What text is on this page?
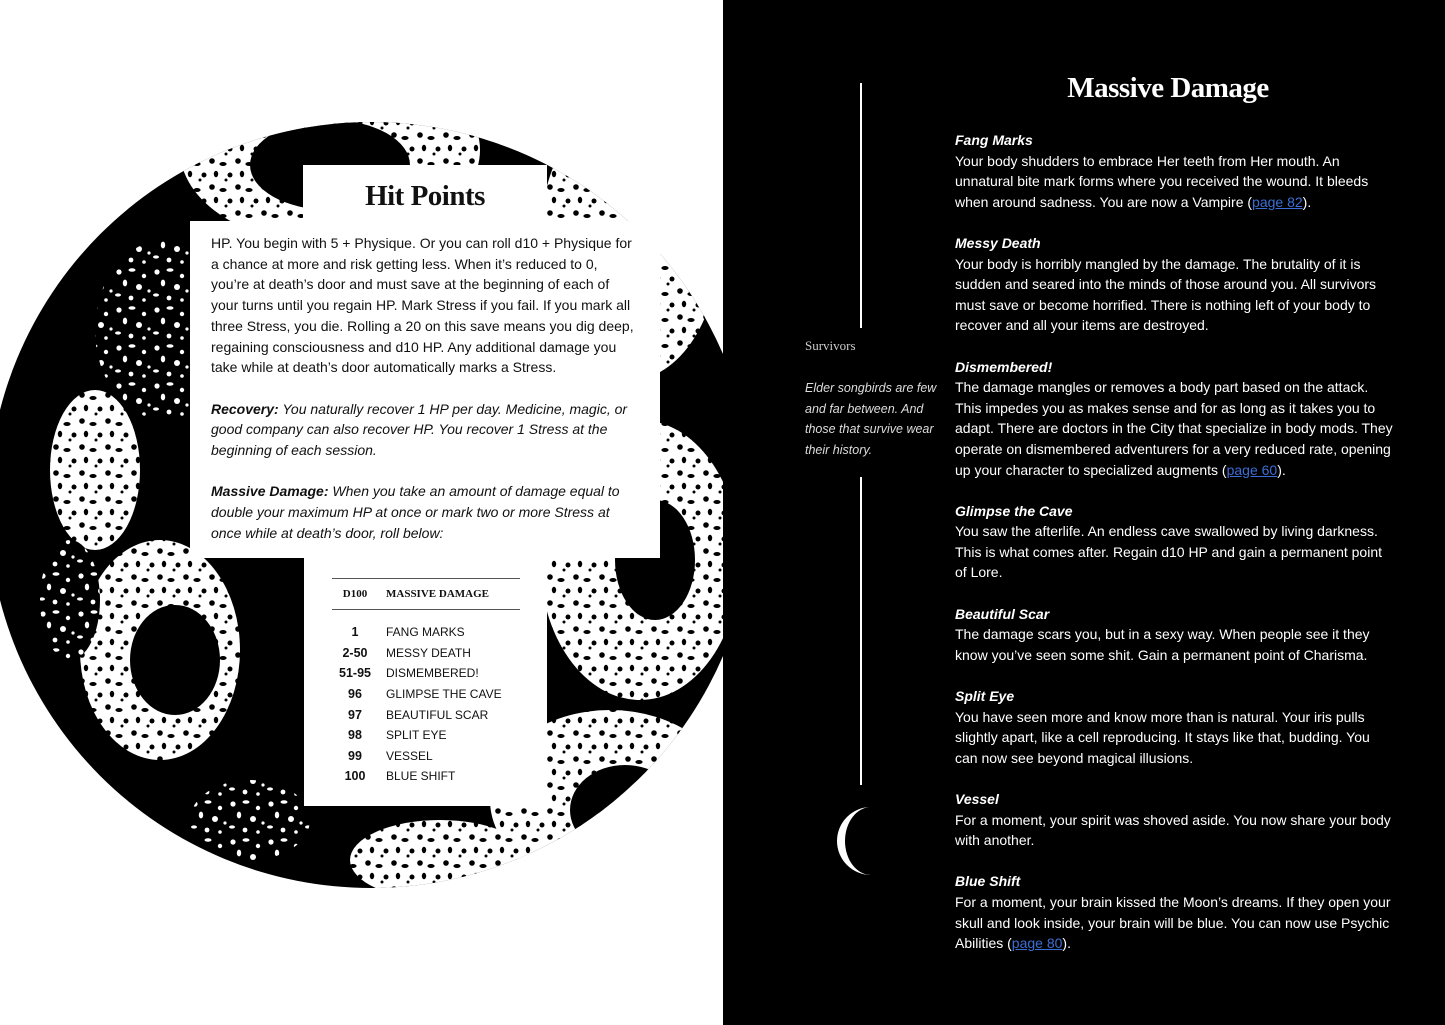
Hit Points

HP. You begin with 5 + Physique. Or you can roll d10 + Physique for a chance at more and risk getting less. When it’s reduced to 0, you’re at death’s door and must save at the beginning of each of your turns until you regain HP. Mark Stress if you fail. If you mark all three Stress, you die. Rolling a 20 on this save means you dig deep, regaining consciousness and d10 HP. Any additional damage you take while at death’s door automatically marks a Stress.

Recovery: You naturally recover 1 HP per day. Medicine, magic, or good company can also recover HP. You recover 1 Stress at the beginning of each session.

Massive Damage: When you take an amount of damage equal to double your maximum HP at once or mark two or more Stress at once while at death’s door, roll below:

D100	MASSIVE DAMAGE
1	FANG MARKS
2-50	MESSY DEATH
51-95	DISMEMBERED!
96	GLIMPSE THE CAVE
97	BEAUTIFUL SCAR
98	SPLIT EYE
99	VESSEL
100	BLUE SHIFT
Survivors
Elder songbirds are few and far between. And those that survive wear their history.
Massive Damage
Fang Marks
Your body shudders to embrace Her teeth from Her mouth. An unnatural bite mark forms where you received the wound. It bleeds when around sadness. You are now a Vampire (page 82).
Messy Death
Your body is horribly mangled by the damage. The brutality of it is sudden and seared into the minds of those around you. All survivors must save or become horrified. There is nothing left of your body to recover and all your items are destroyed.
Dismembered!
The damage mangles or removes a body part based on the attack. This impedes you as makes sense and for as long as it takes you to adapt. There are doctors in the City that specialize in body mods. They operate on dismembered adventurers for a very reduced rate, opening up your character to specialized augments (page 60).
Glimpse the Cave
You saw the afterlife. An endless cave swallowed by living darkness. This is what comes after. Regain d10 HP and gain a permanent point of Lore.
Beautiful Scar
The damage scars you, but in a sexy way. When people see it they know you’ve seen some shit. Gain a permanent point of Charisma.
Split Eye
You have seen more and know more than is natural. Your iris pulls slightly apart, like a cell reproducing. It stays like that, budding. You can now see beyond magical illusions.
Vessel
For a moment, your spirit was shoved aside. You now share your body with another.
Blue Shift
For a moment, your brain kissed the Moon’s dreams. If they open your skull and look inside, your brain will be blue. You can now use Psychic Abilities (page 80).
